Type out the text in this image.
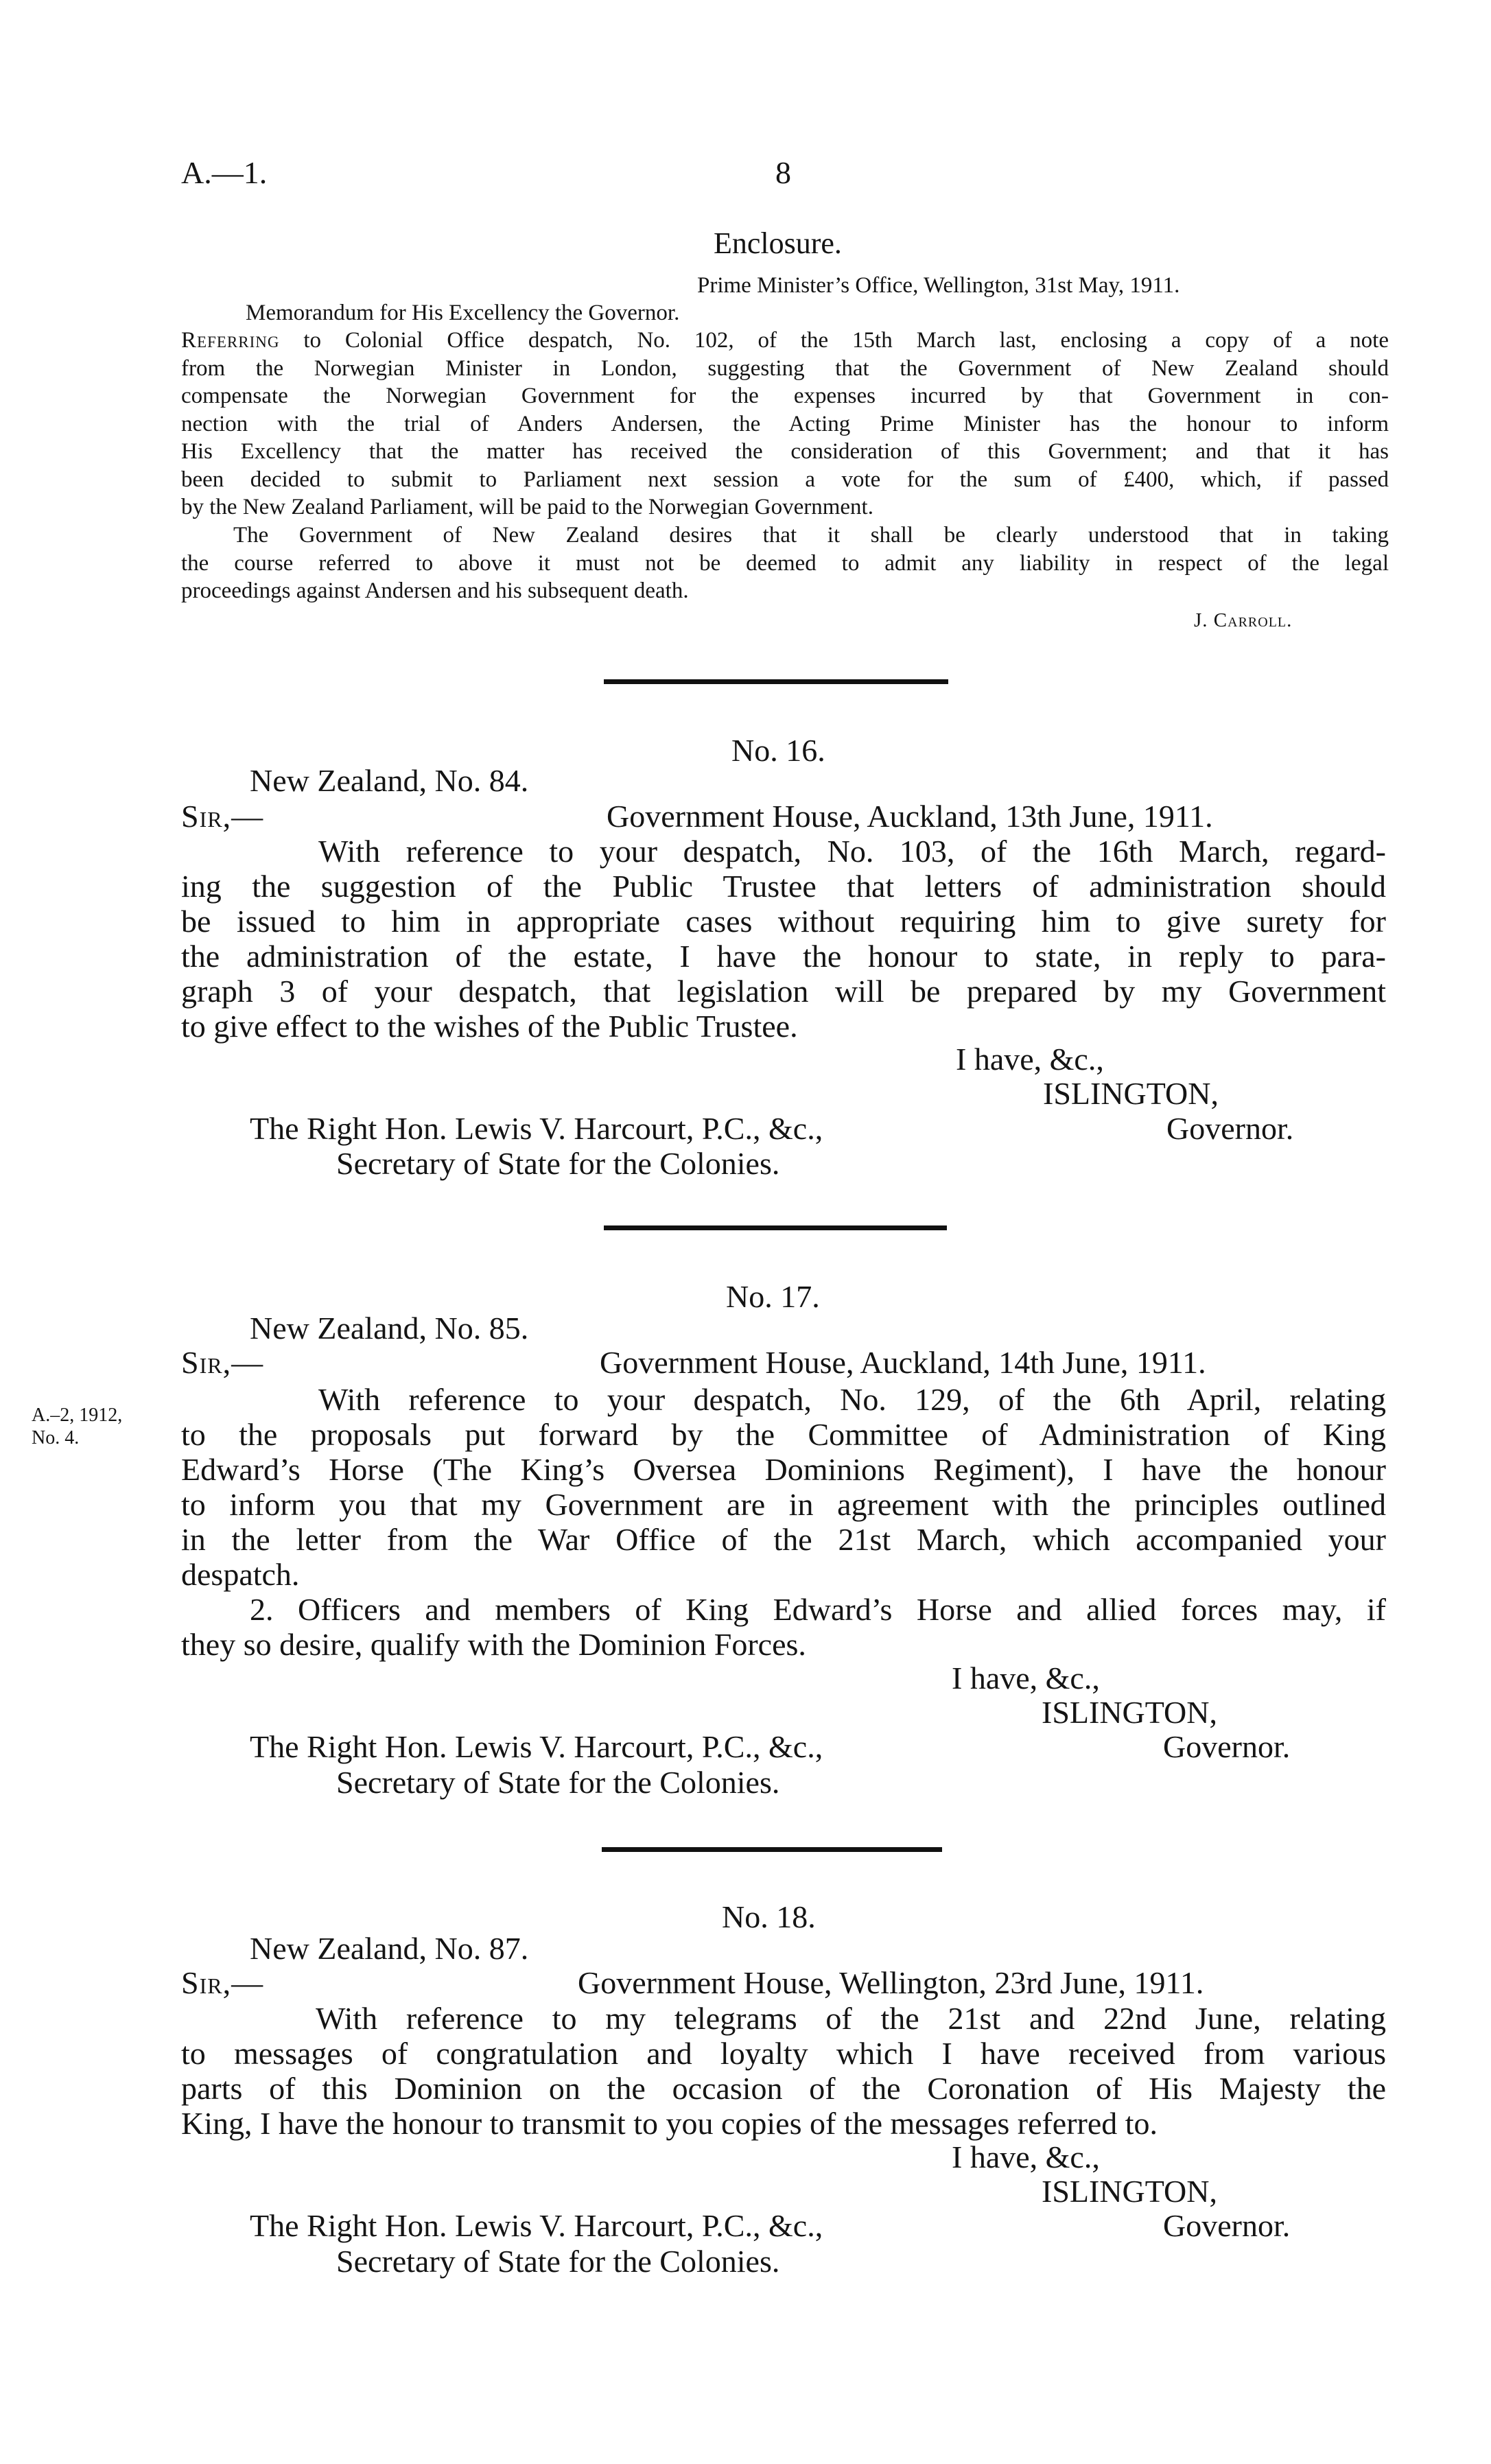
A.—1.	8
Enclosure.
Prime Minister’s Office, Wellington, 31st May, 1911.
Memorandum for His Excellency the Governor.
Referring to Colonial Office despatch, No. 102, of the 15th March last, enclosing a copy of a note
from the Norwegian Minister in London, suggesting that the Government of New Zealand should
compensate the Norwegian Government for the expenses incurred by that Government in con-
nection with the trial of Anders Andersen, the Acting Prime Minister has the honour to inform
His Excellency that the matter has received the consideration of this Government; and that it has
been decided to submit to Parliament next session a vote for the sum of £400, which, if passed
by the New Zealand Parliament, will be paid to the Norwegian Government.
The Government of New Zealand desires that it shall be clearly understood that in taking
the course referred to above it must not be deemed to admit any liability in respect of the legal
proceedings against Andersen and his subsequent death.
J. Carroll.
No. 16.
New Zealand, No. 84.
Sir,—	Government House, Auckland, 13th June, 1911.
With reference to your despatch, No. 103, of the 16th March, regard-
ing the suggestion of the Public Trustee that letters of administration should
be issued to him in appropriate cases without requiring him to give surety for
the administration of the estate, I have the honour to state, in reply to para-
graph 3 of your despatch, that legislation will be prepared by my Government
to give effect to the wishes of the Public Trustee.
I have, &c.,
ISLINGTON,
Governor.
The Right Hon. Lewis V. Harcourt, P.C., &c.,
Secretary of State for the Colonies.
No. 17.
New Zealand, No. 85.
Sir,—	Government House, Auckland, 14th June, 1911.
A.–2, 1912,
No. 4.
With reference to your despatch, No. 129, of the 6th April, relating
to the proposals put forward by the Committee of Administration of King
Edward’s Horse (The King’s Oversea Dominions Regiment), I have the honour
to inform you that my Government are in agreement with the principles outlined
in the letter from the War Office of the 21st March, which accompanied your
despatch.
2. Officers and members of King Edward’s Horse and allied forces may, if
they so desire, qualify with the Dominion Forces.
I have, &c.,
ISLINGTON,
Governor.
The Right Hon. Lewis V. Harcourt, P.C., &c.,
Secretary of State for the Colonies.
No. 18.
New Zealand, No. 87.
Sir,—	Government House, Wellington, 23rd June, 1911.
With reference to my telegrams of the 21st and 22nd June, relating
to messages of congratulation and loyalty which I have received from various
parts of this Dominion on the occasion of the Coronation of His Majesty the
King, I have the honour to transmit to you copies of the messages referred to.
I have, &c.,
ISLINGTON,
Governor.
The Right Hon. Lewis V. Harcourt, P.C., &c.,
Secretary of State for the Colonies.
